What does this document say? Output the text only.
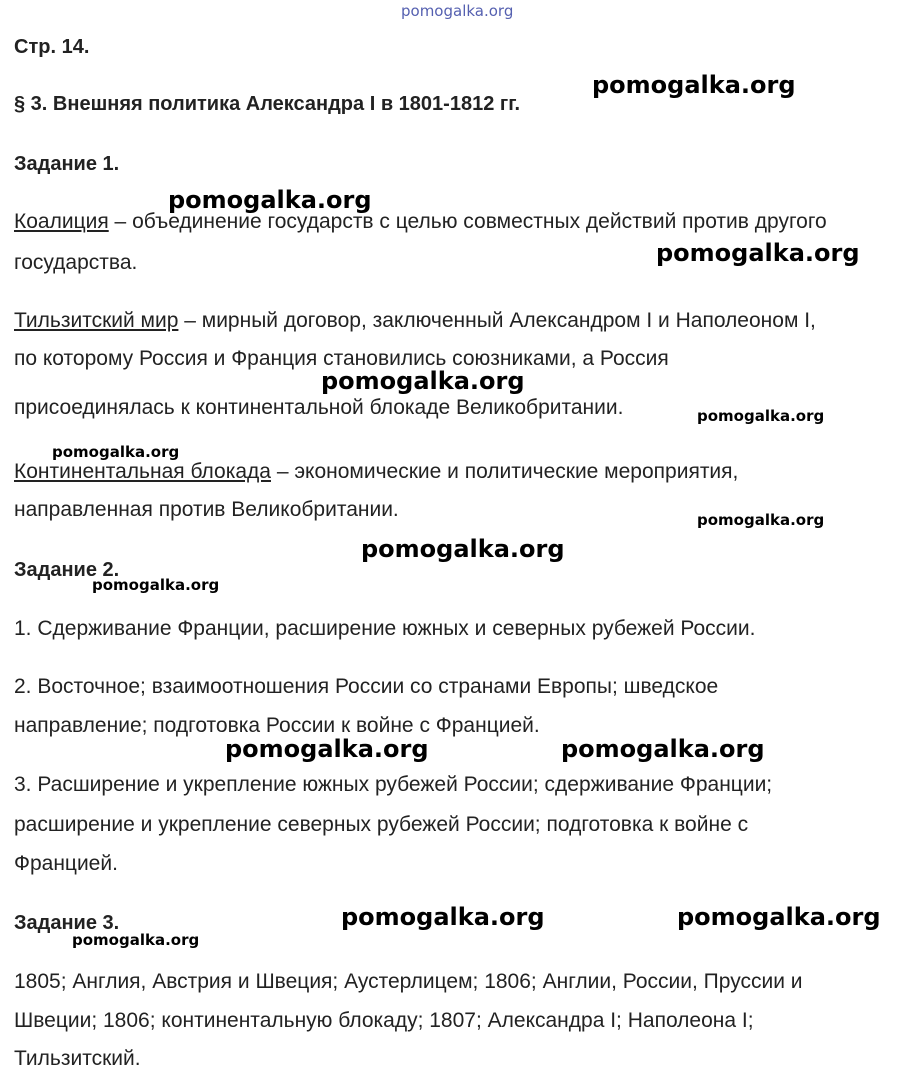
pomogalka.org
pomogalka.org
pomogalka.org
pomogalka.org
pomogalka.org
pomogalka.org
pomogalka.org
pomogalka.org
pomogalka.org
pomogalka.org
pomogalka.org	pomogalka.org
pomogalka.org	pomogalka.org
pomogalka.org
Стр. 14.
§ 3. Внешняя политика Александра I в 1801-1812 гг.
Задание 1.
Коалиция – объединение государств с целью совместных действий против другого
государства.
Тильзитский мир – мирный договор, заключенный Александром I и Наполеоном I,
по которому Россия и Франция становились союзниками, а Россия
присоединялась к континентальной блокаде Великобритании.
Континентальная блокада – экономические и политические мероприятия,
направленная против Великобритании.
Задание 2.
1. Сдерживание Франции, расширение южных и северных рубежей России.
2. Восточное; взаимоотношения России со странами Европы; шведское
направление; подготовка России к войне с Францией.
3. Расширение и укрепление южных рубежей России; сдерживание Франции;
расширение и укрепление северных рубежей России; подготовка к войне с
Францией.
Задание 3.
1805; Англия, Австрия и Швеция; Аустерлицем; 1806; Англии, России, Пруссии и
Швеции; 1806; континентальную блокаду; 1807; Александра I; Наполеона I;
Тильзитский.
